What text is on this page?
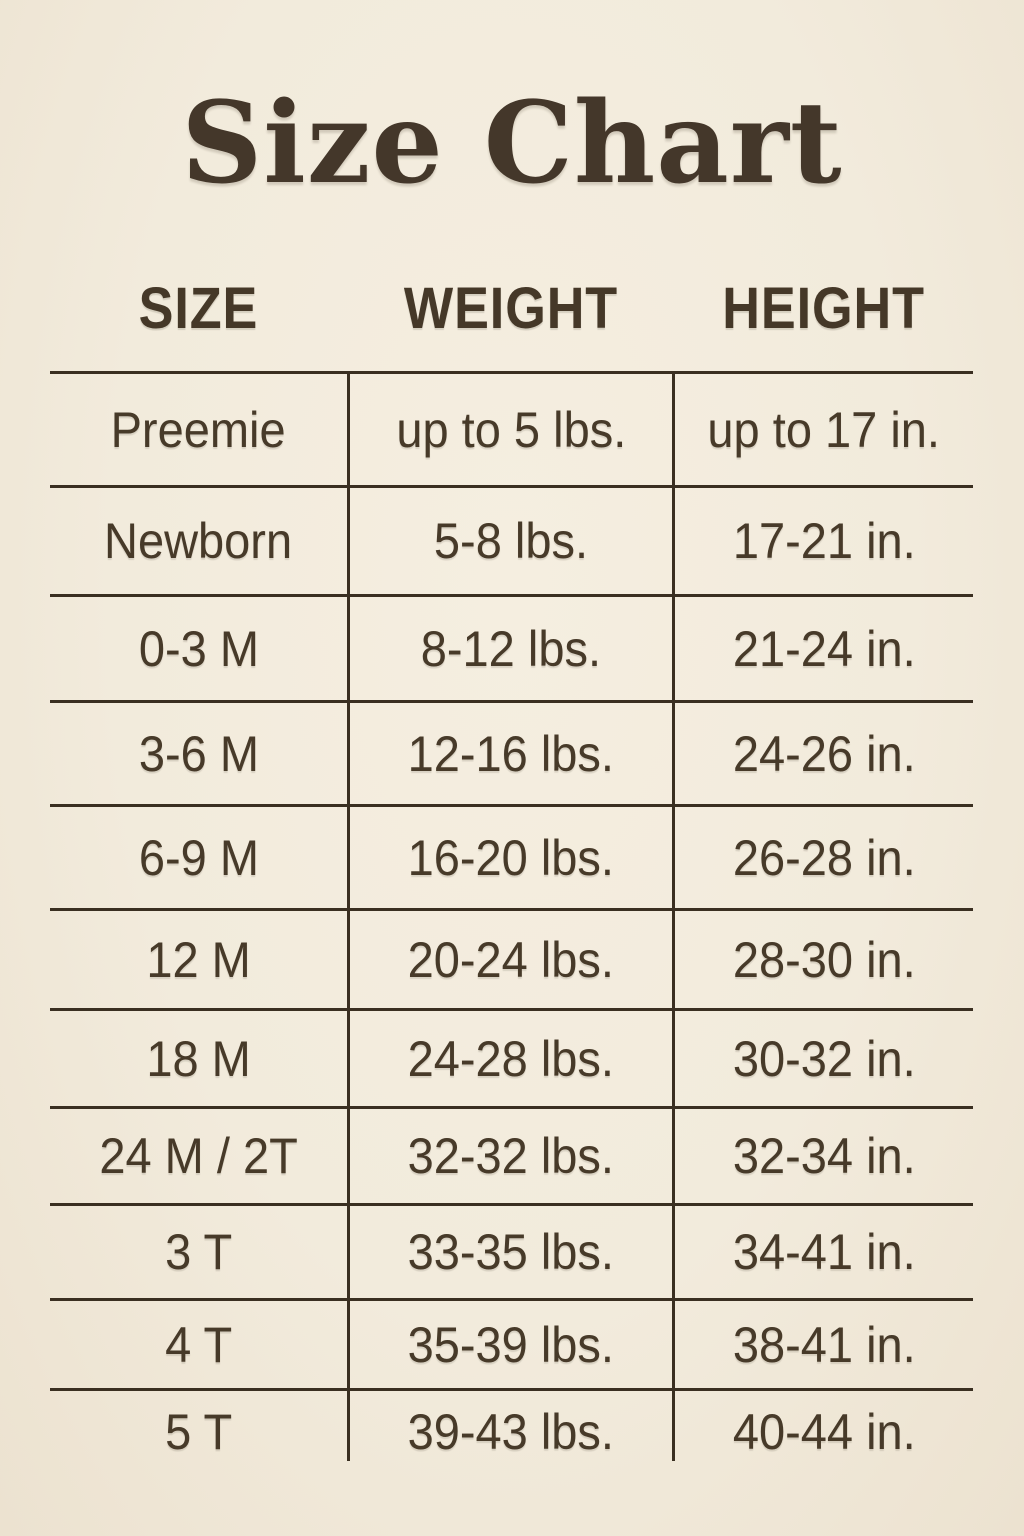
Size Chart
SIZE	WEIGHT HEIGHT
Preemie up to 5 lbs. up to 17 in.
Newborn	5-8 lbs.	17-21 in.
0-3 M	8-12 lbs.	21-24 in.
3-6 M	12-16 lbs. 24-26 in.
6-9 M	16-20 lbs. 26-28 in.
12 M	20-24 lbs. 28-30 in.
18 M	24-28 lbs. 30-32 in.
24 M / 2T 32-32 lbs. 32-34 in.
3 T	33-35 lbs. 34-41 in.
4 T	35-39 lbs. 38-41 in.
5 T	39-43 lbs. 40-44 in.
